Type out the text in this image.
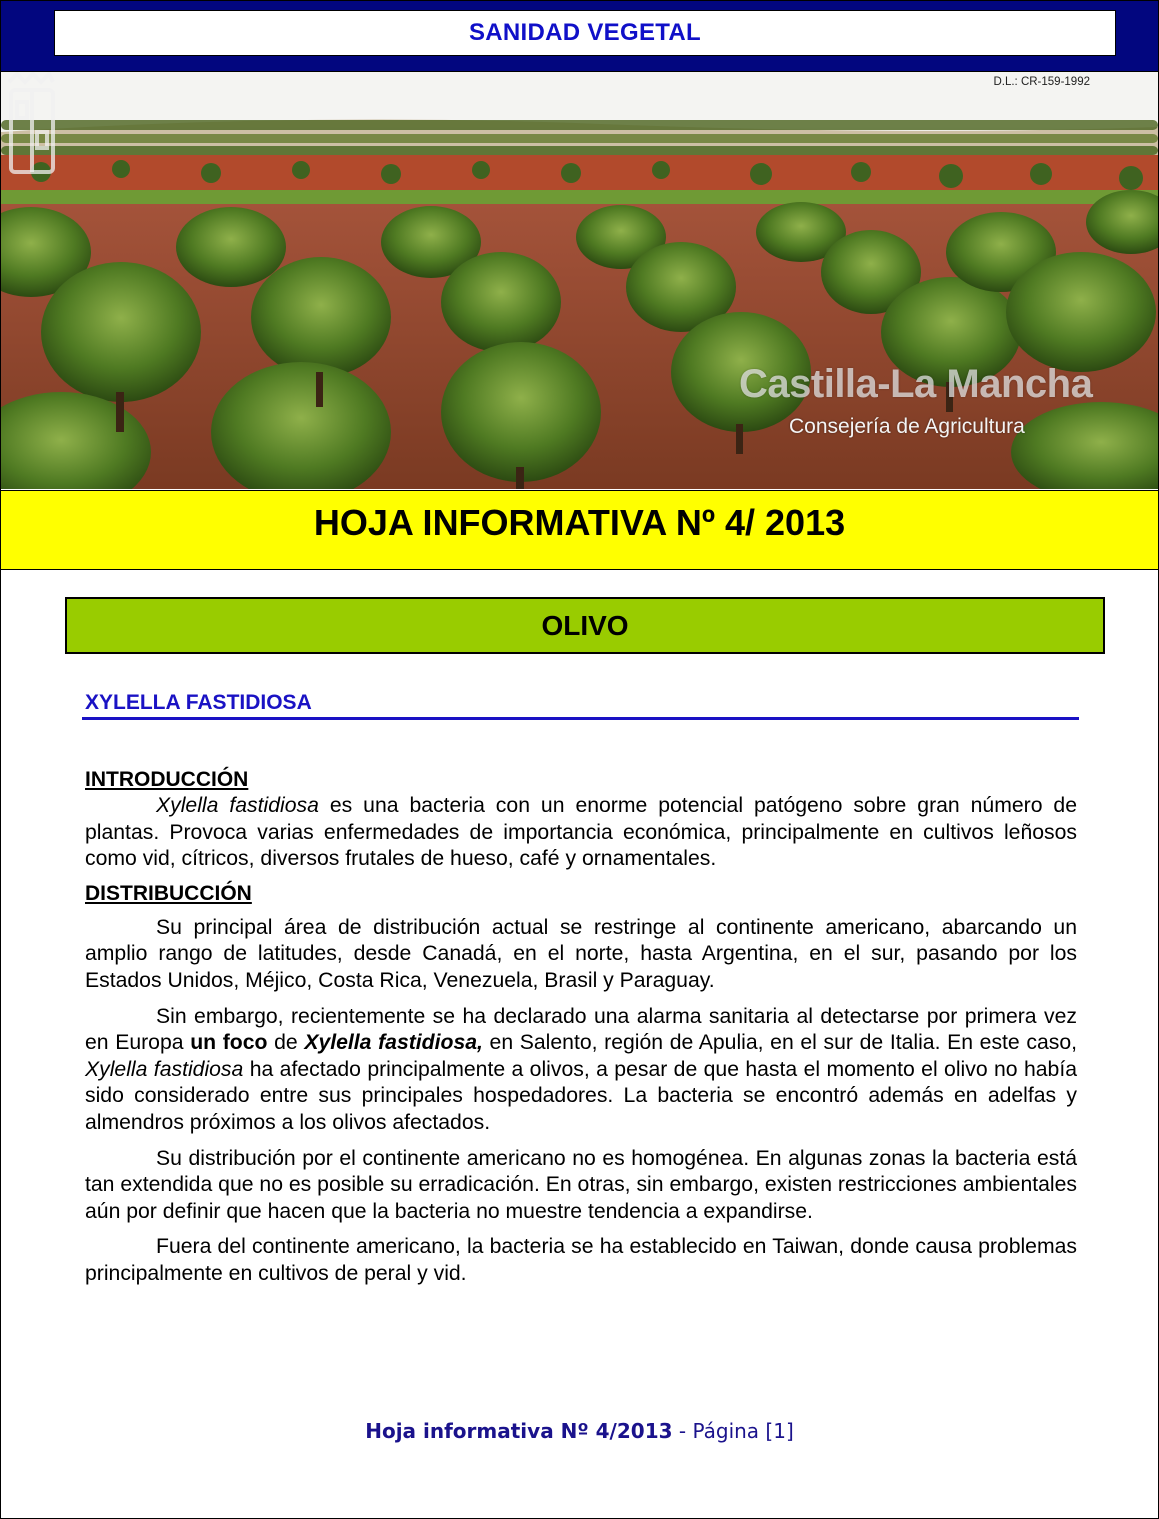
SANIDAD VEGETAL
D.L.: CR-159-1992
Castilla-La Mancha
Consejería de Agricultura
HOJA INFORMATIVA Nº 4/ 2013
OLIVO
XYLELLA FASTIDIOSA
INTRODUCCIÓN

Xylella fastidiosa es una bacteria con un enorme potencial patógeno sobre gran número de plantas. Provoca varias enfermedades de importancia económica, principalmente en cultivos leñosos como vid, cítricos, diversos frutales de hueso, café y ornamentales.

DISTRIBUCCIÓN

Su principal área de distribución actual se restringe al continente americano, abarcando un amplio rango de latitudes, desde Canadá, en el norte, hasta Argentina, en el sur, pasando por los Estados Unidos, Méjico, Costa Rica, Venezuela, Brasil y Paraguay.

Sin embargo, recientemente se ha declarado una alarma sanitaria al detectarse por primera vez en Europa un foco de Xylella fastidiosa, en Salento, región de Apulia, en el sur de Italia. En este caso, Xylella fastidiosa ha afectado principalmente a olivos, a pesar de que hasta el momento el olivo no había sido considerado entre sus principales hospedadores. La bacteria se encontró además en adelfas y almendros próximos a los olivos afectados.

Su distribución por el continente americano no es homogénea. En algunas zonas la bacteria está tan extendida que no es posible su erradicación. En otras, sin embargo, existen restricciones ambientales aún por definir que hacen que la bacteria no muestre tendencia a expandirse.

Fuera del continente americano, la bacteria se ha establecido en Taiwan, donde causa problemas principalmente en cultivos de peral y vid.

Hoja informativa Nº 4/2013 - Página [1]
